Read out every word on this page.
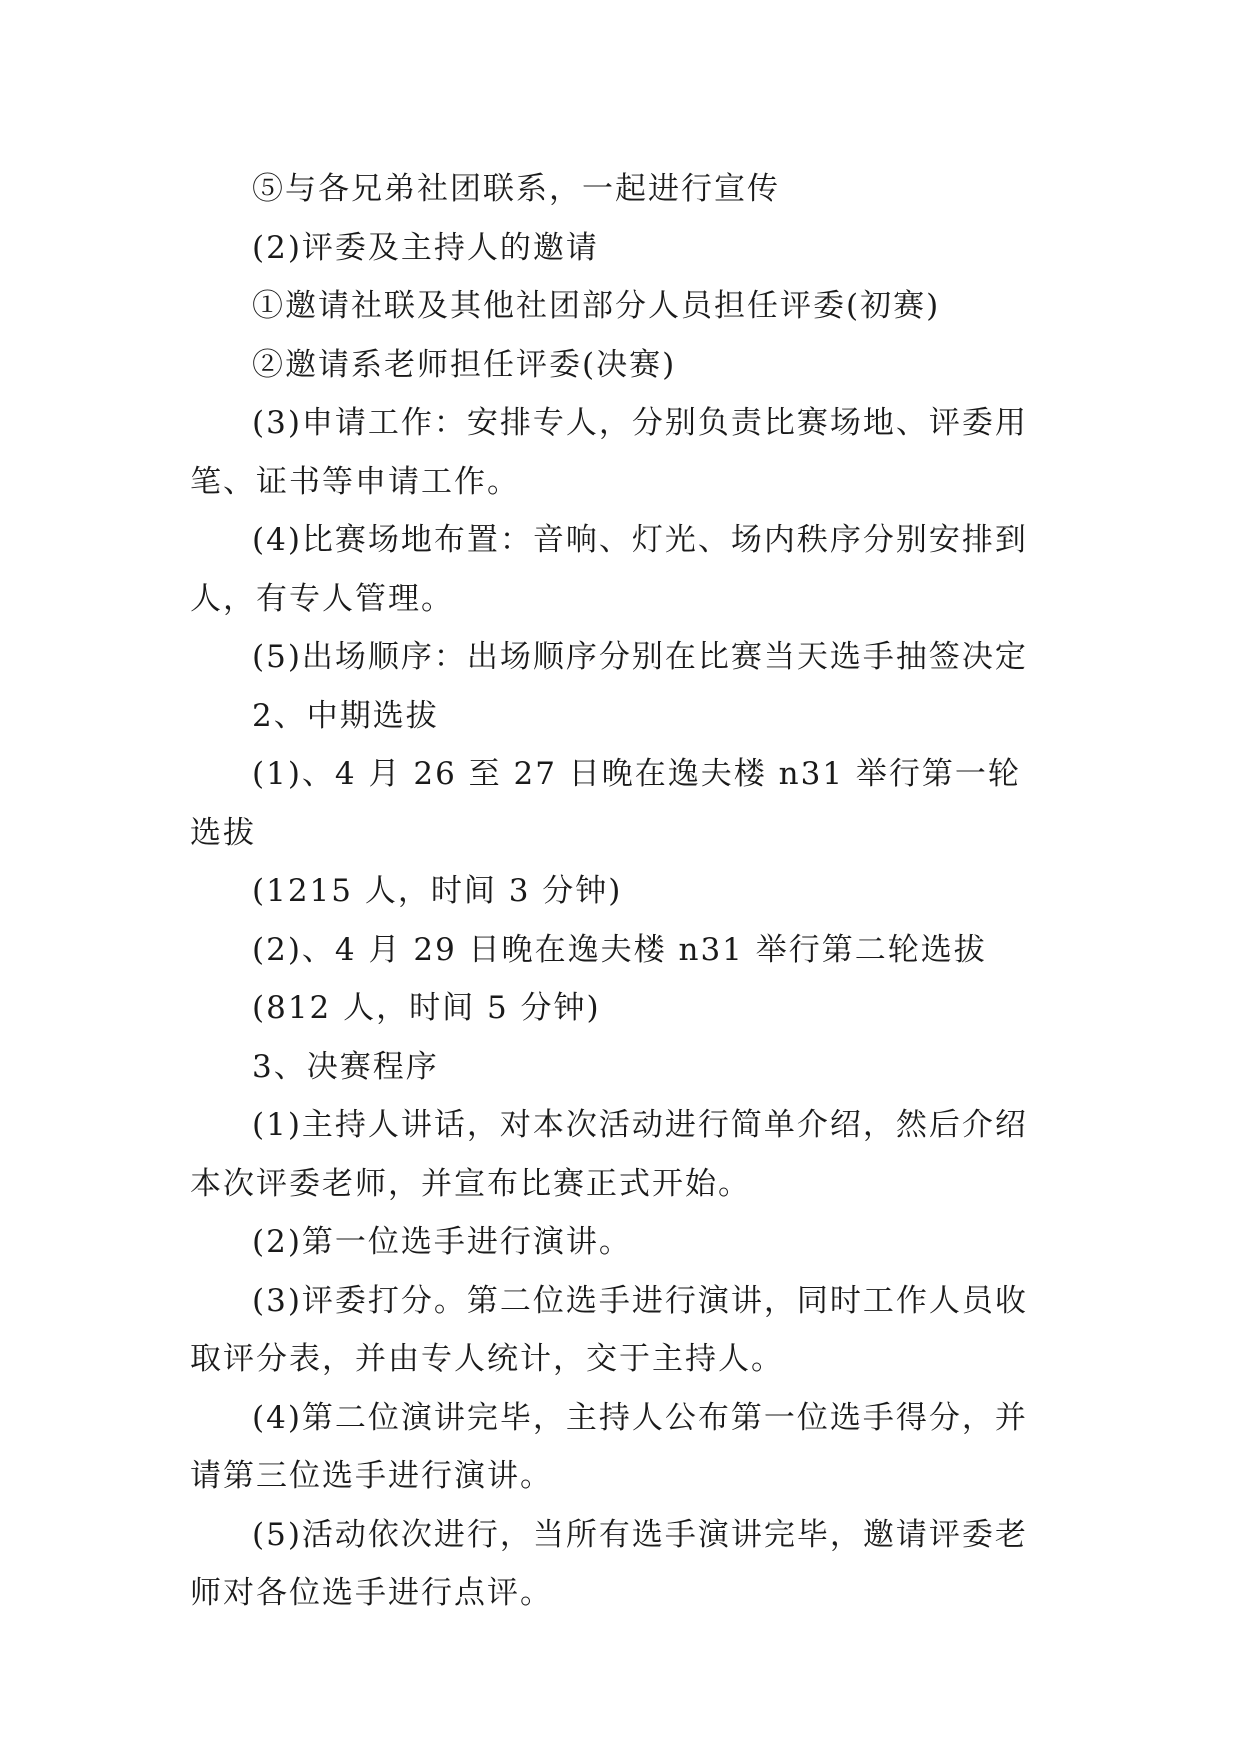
⑤与各兄弟社团联系，一起进行宣传

(2)评委及主持人的邀请

①邀请社联及其他社团部分人员担任评委(初赛)

②邀请系老师担任评委(决赛)

(3)申请工作：安排专人，分别负责比赛场地、评委用笔、证书等申请工作。

(4)比赛场地布置：音响、灯光、场内秩序分别安排到人，有专人管理。

(5)出场顺序：出场顺序分别在比赛当天选手抽签决定

2、中期选拔

(1)、4 月 26 至 27 日晚在逸夫楼 n31 举行第一轮选拔

(1215 人，时间 3 分钟)

(2)、4 月 29 日晚在逸夫楼 n31 举行第二轮选拔

(812 人，时间 5 分钟)

3、决赛程序

(1)主持人讲话，对本次活动进行简单介绍，然后介绍本次评委老师，并宣布比赛正式开始。

(2)第一位选手进行演讲。

(3)评委打分。第二位选手进行演讲，同时工作人员收取评分表，并由专人统计，交于主持人。

(4)第二位演讲完毕，主持人公布第一位选手得分，并请第三位选手进行演讲。

(5)活动依次进行，当所有选手演讲完毕，邀请评委老师对各位选手进行点评。
